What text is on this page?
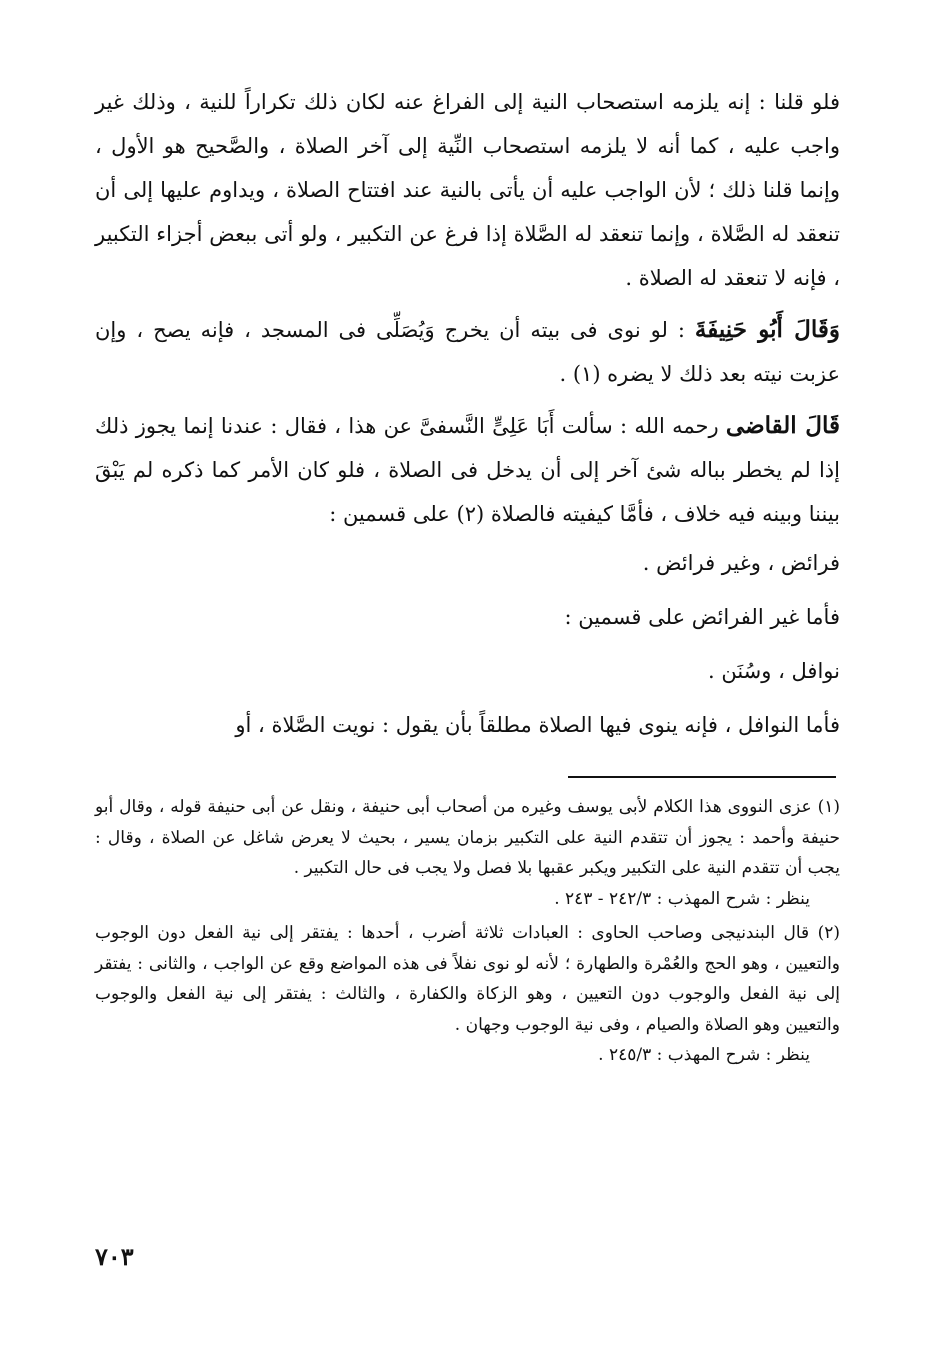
فلو قلنا : إنه يلزمه استصحاب النية إلى الفراغ عنه لكان ذلك تكراراً للنية ، وذلك غير واجب عليه ، كما أنه لا يلزمه استصحاب النِّية إلى آخر الصلاة ، والصَّحيح هو الأول ، وإنما قلنا ذلك ؛ لأن الواجب عليه أن يأتى بالنية عند افتتاح الصلاة ، ويداوم عليها إلى أن تنعقد له الصَّلاة ، وإنما تنعقد له الصَّلاة إذا فرغ عن التكبير ، ولو أتى ببعض أجزاء التكبير ، فإنه لا تنعقد له الصلاة .

وَقَالَ أَبُو حَنِيفَةَ : لو نوى فى بيته أن يخرج وَيُصَلِّى فى المسجد ، فإنه يصح ، وإن عزبت نيته بعد ذلك لا يضره (١) .

قَالَ القاضى رحمه الله : سألت أَبَا عَلِىٍّ النَّسفىَّ عن هذا ، فقال : عندنا إنما يجوز ذلك إذا لم يخطر بباله شئ آخر إلى أن يدخل فى الصلاة ، فلو كان الأمر كما ذكره لم يَبْقَ بيننا وبينه فيه خلاف ، فأمَّا كيفيته فالصلاة (٢) على قسمين :

فرائض ، وغير فرائض .

فأما غير الفرائض على قسمين :

نوافل ، وسُنَن .

فأما النوافل ، فإنه ينوى فيها الصلاة مطلقاً بأن يقول : نويت الصَّلاة ، أو

(١) عزى النووى هذا الكلام لأبى يوسف وغيره من أصحاب أبى حنيفة ، ونقل عن أبى حنيفة قوله ، وقال أبو حنيفة وأحمد : يجوز أن تتقدم النية على التكبير بزمان يسير ، بحيث لا يعرض شاغل عن الصلاة ، وقال : يجب أن تتقدم النية على التكبير ويكبر عقبها بلا فصل ولا يجب فى حال التكبير .

ينظر : شرح المهذب : ٢٤٢/٣ - ٢٤٣ .

(٢) قال البندنيجى وصاحب الحاوى : العبادات ثلاثة أضرب ، أحدها : يفتقر إلى نية الفعل دون الوجوب والتعيين ، وهو الحج والعُمْرة والطهارة ؛ لأنه لو نوى نفلاً فى هذه المواضع وقع عن الواجب ، والثانى : يفتقر إلى نية الفعل والوجوب دون التعيين ، وهو الزكاة والكفارة ، والثالث : يفتقر إلى نية الفعل والوجوب والتعيين وهو الصلاة والصيام ، وفى نية الوجوب وجهان .

ينظر : شرح المهذب : ٢٤٥/٣ .

٧٠٣
